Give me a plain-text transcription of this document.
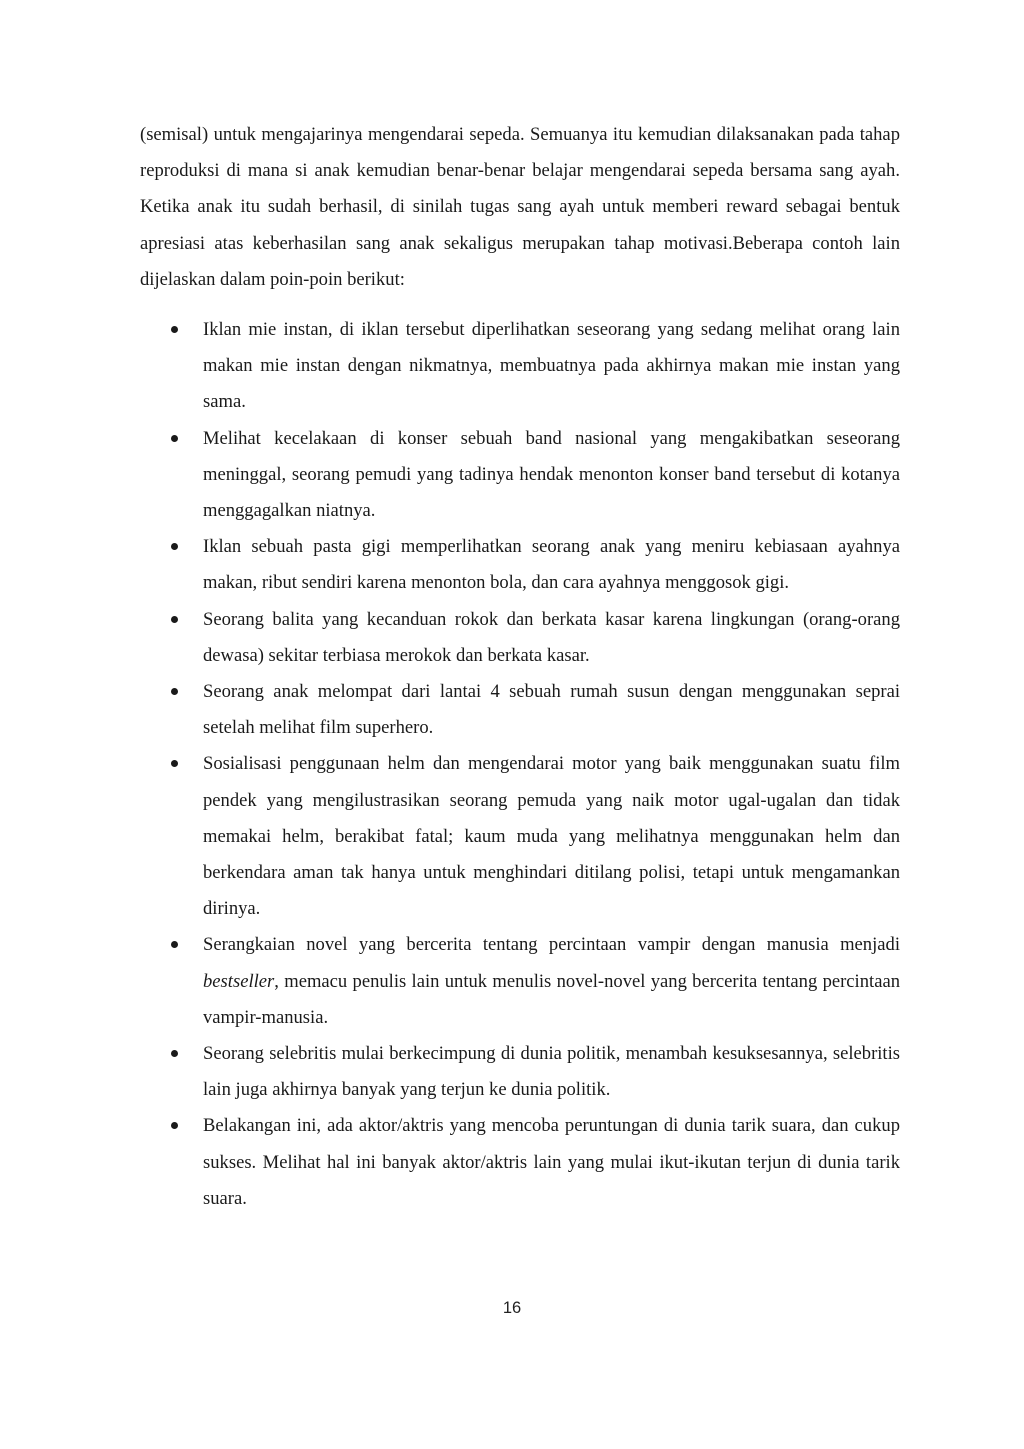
(semisal) untuk mengajarinya mengendarai sepeda. Semuanya itu kemudian dilaksanakan pada tahap reproduksi di mana si anak kemudian benar-benar belajar mengendarai sepeda bersama sang ayah. Ketika anak itu sudah berhasil, di sinilah tugas sang ayah untuk memberi reward sebagai bentuk apresiasi atas keberhasilan sang anak sekaligus merupakan tahap motivasi.Beberapa contoh lain dijelaskan dalam poin-poin berikut:

Iklan mie instan, di iklan tersebut diperlihatkan seseorang yang sedang melihat orang lain makan mie instan dengan nikmatnya, membuatnya pada akhirnya makan mie instan yang sama.
Melihat kecelakaan di konser sebuah band nasional yang mengakibatkan seseorang meninggal, seorang pemudi yang tadinya hendak menonton konser band tersebut di kotanya menggagalkan niatnya.
Iklan sebuah pasta gigi memperlihatkan seorang anak yang meniru kebiasaan ayahnya makan, ribut sendiri karena menonton bola, dan cara ayahnya menggosok gigi.
Seorang balita yang kecanduan rokok dan berkata kasar karena lingkungan (orang-orang dewasa) sekitar terbiasa merokok dan berkata kasar.
Seorang anak melompat dari lantai 4 sebuah rumah susun dengan menggunakan seprai setelah melihat film superhero.
Sosialisasi penggunaan helm dan mengendarai motor yang baik menggunakan suatu film pendek yang mengilustrasikan seorang pemuda yang naik motor ugal-ugalan dan tidak memakai helm, berakibat fatal; kaum muda yang melihatnya menggunakan helm dan berkendara aman tak hanya untuk menghindari ditilang polisi, tetapi untuk mengamankan dirinya.
Serangkaian novel yang bercerita tentang percintaan vampir dengan manusia menjadi bestseller, memacu penulis lain untuk menulis novel-novel yang bercerita tentang percintaan vampir-manusia.
Seorang selebritis mulai berkecimpung di dunia politik, menambah kesuksesannya, selebritis lain juga akhirnya banyak yang terjun ke dunia politik.
Belakangan ini, ada aktor/aktris yang mencoba peruntungan di dunia tarik suara, dan cukup sukses. Melihat hal ini banyak aktor/aktris lain yang mulai ikut-ikutan terjun di dunia tarik suara.
16
